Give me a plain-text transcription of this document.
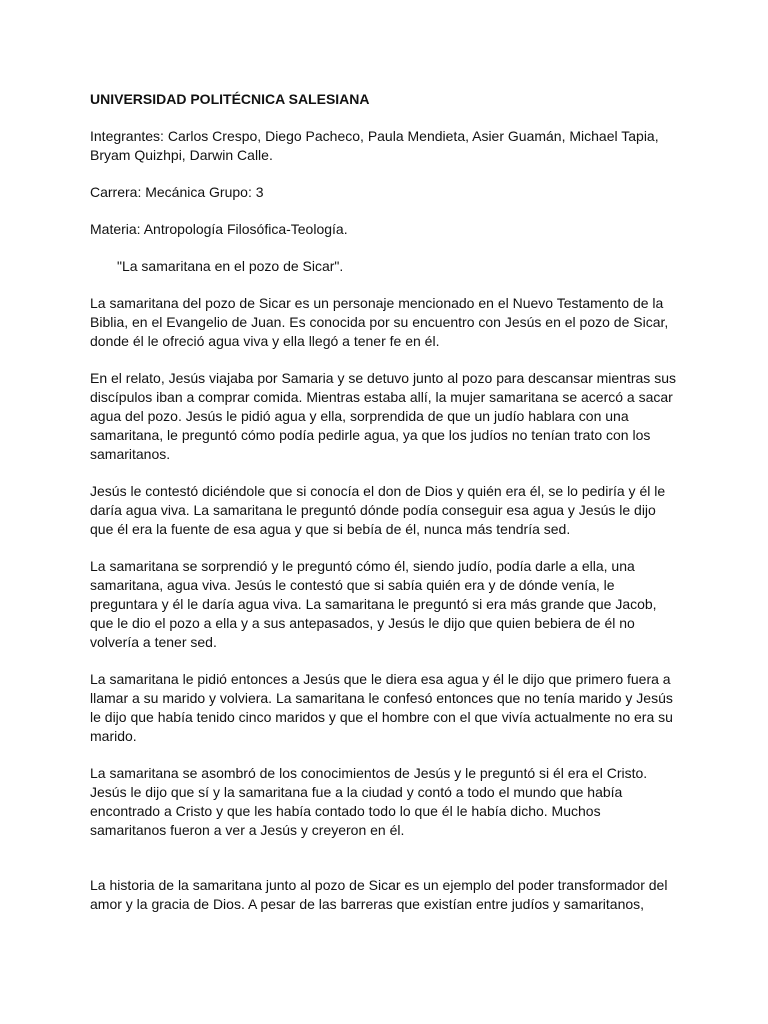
UNIVERSIDAD POLITÉCNICA SALESIANA

Integrantes: Carlos Crespo, Diego Pacheco, Paula Mendieta, Asier Guamán, Michael Tapia, Bryam Quizhpi, Darwin Calle.

Carrera: Mecánica Grupo: 3

Materia: Antropología Filosófica-Teología.

"La samaritana en el pozo de Sicar".

La samaritana del pozo de Sicar es un personaje mencionado en el Nuevo Testamento de la Biblia, en el Evangelio de Juan. Es conocida por su encuentro con Jesús en el pozo de Sicar, donde él le ofreció agua viva y ella llegó a tener fe en él.

En el relato, Jesús viajaba por Samaria y se detuvo junto al pozo para descansar mientras sus discípulos iban a comprar comida. Mientras estaba allí, la mujer samaritana se acercó a sacar agua del pozo. Jesús le pidió agua y ella, sorprendida de que un judío hablara con una samaritana, le preguntó cómo podía pedirle agua, ya que los judíos no tenían trato con los samaritanos.

Jesús le contestó diciéndole que si conocía el don de Dios y quién era él, se lo pediría y él le daría agua viva. La samaritana le preguntó dónde podía conseguir esa agua y Jesús le dijo que él era la fuente de esa agua y que si bebía de él, nunca más tendría sed.

La samaritana se sorprendió y le preguntó cómo él, siendo judío, podía darle a ella, una samaritana, agua viva. Jesús le contestó que si sabía quién era y de dónde venía, le preguntara y él le daría agua viva. La samaritana le preguntó si era más grande que Jacob, que le dio el pozo a ella y a sus antepasados, y Jesús le dijo que quien bebiera de él no volvería a tener sed.

La samaritana le pidió entonces a Jesús que le diera esa agua y él le dijo que primero fuera a llamar a su marido y volviera. La samaritana le confesó entonces que no tenía marido y Jesús le dijo que había tenido cinco maridos y que el hombre con el que vivía actualmente no era su marido.

La samaritana se asombró de los conocimientos de Jesús y le preguntó si él era el Cristo. Jesús le dijo que sí y la samaritana fue a la ciudad y contó a todo el mundo que había encontrado a Cristo y que les había contado todo lo que él le había dicho. Muchos samaritanos fueron a ver a Jesús y creyeron en él.

La historia de la samaritana junto al pozo de Sicar es un ejemplo del poder transformador del amor y la gracia de Dios. A pesar de las barreras que existían entre judíos y samaritanos,
